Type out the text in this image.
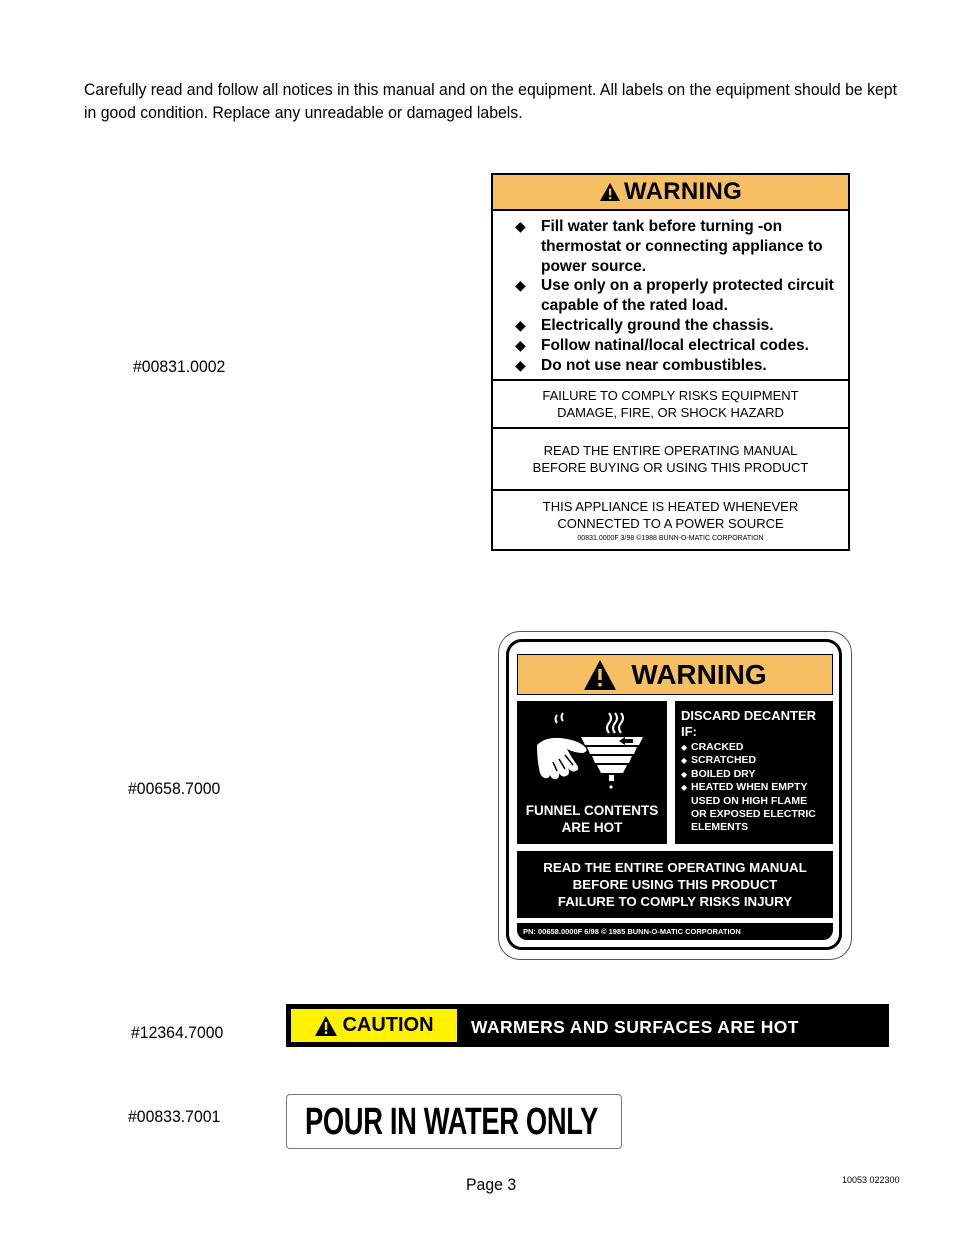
Carefully read and follow all notices in this manual and on the equipment. All labels on the equipment should be kept in good condition. Replace any unreadable or damaged labels.
#00831.0002
WARNING
◆ Fill water tank before turning -on thermostat or connecting appliance to power source.
◆ Use only on a properly protected circuit capable of the rated load.
◆ Electrically ground the chassis.
◆ Follow natinal/local electrical codes.
◆ Do not use near combustibles.
FAILURE TO COMPLY RISKS EQUIPMENT
DAMAGE, FIRE, OR SHOCK HAZARD
READ THE ENTIRE OPERATING MANUAL
BEFORE BUYING OR USING THIS PRODUCT
THIS APPLIANCE IS HEATED WHENEVER
CONNECTED TO A POWER SOURCE
00831.0000F 3/98 ©1988 BUNN-O-MATIC CORPORATION
#00658.7000
WARNING
FUNNEL CONTENTS
ARE HOT
DISCARD DECANTER
IF:
◆ CRACKED
◆ SCRATCHED
◆ BOILED DRY
◆ HEATED WHEN EMPTY
USED ON HIGH FLAME
OR EXPOSED ELECTRIC
ELEMENTS
READ THE ENTIRE OPERATING MANUAL
BEFORE USING THIS PRODUCT
FAILURE TO COMPLY RISKS INJURY
PN: 00658.0000F 6/98 © 1985 BUNN-O-MATIC CORPORATION
#12364.7000	CAUTION WARMERS AND SURFACES ARE HOT
#00833.7001 POUR IN WATER ONLY
Page 3	10053 022300
